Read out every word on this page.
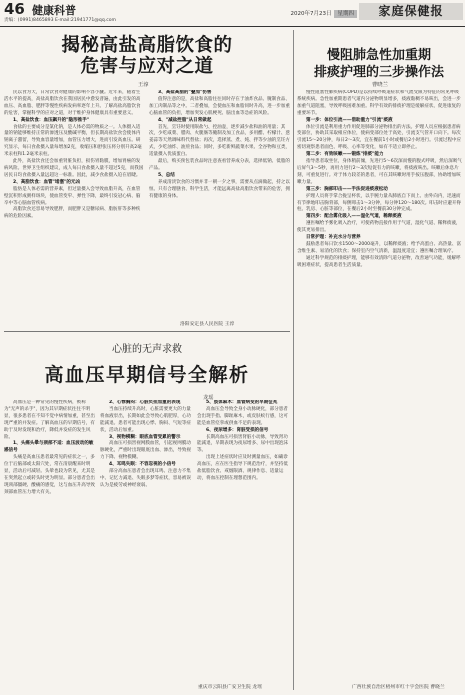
46 健康科普
责编：(0991)8465893 E-mail:21941771@qq.com
2020年7月23日 星期四	家庭保健报
揭秘高盐高脂饮食的
危害与应对之道
王淳

民以食为天，日常饮食对健康的影响不容小觑。近年来，随着生活水平的提高，高盐高脂饮食在我国居民中愈发普遍，由此引发的高血压、高血脂、肥胖等慢性疾病发病率逐年上升。了解高盐高脂饮食的危害，掌握科学的应对之道，对于维护身体健康具有重要意义。

1、高盐饮食：血压飙升的"隐形推手"

食盐的主要成分是氯化钠，是人体必需的物质之一。人体摄入适量的钠能够维持正常的渗透压及酸碱平衡，但长期高盐饮食会使体内钠离子潴留，导致血容量增加，血管压力增大，进而引发高血压。研究显示，每日食盐摄入量每增加2克，收缩压和舒张压将分别升高2毫米汞柱和1.2毫米汞柱。

此外，高盐饮食还会加重肾脏负担，损伤胃黏膜，增加胃癌的发病风险。世界卫生组织建议，成人每日食盐摄入量不超过5克，而我国居民日均食盐摄入量远超这一标准。因此，减少食盐摄入迫在眉睫。

2、高脂饮食：血管"堵塞"的元凶

脂肪是人体必需的营养素，但过量摄入会导致血脂升高，在血管壁沉积形成粥样斑块，使血管变窄、弹性下降，最终引发冠心病、脑卒中等心脑血管疾病。

高脂饮食还容易导致肥胖，而肥胖又是糖尿病、脂肪肝等多种疾病的危险因素。

3、高盐高脂的"叠加"伤害

值得注意的是，高盐和高脂往往同时存在于油炸食品、腌制食品、加工肉制品等之中。二者叠加，会使血压和血脂同时升高，进一步加重心脑血管的负担，增加突发心肌梗死、脑出血等急症的风险。

4、"减盐控脂"从日常做起

首先，烹饪时使用限盐勺、控油壶，逐步减少盐和油的用量；其次，少吃咸菜、腊肉、火腿肠等腌制及加工食品，多用醋、柠檬汁、葱姜蒜等天然调味料代替盐；再次，选择蒸、煮、炖、拌等少油的烹饪方式，少吃油炸、油煎食品；同时，多吃新鲜蔬菜水果、全谷物和豆类，适量摄入优质蛋白。

最后，购买预包装食品时注意查看营养成分表，选择低钠、低脂的产品。

5、总结

养成清淡饮食的习惯并非一朝一夕之事，需要从点滴做起，持之以恒。只有合理膳食、科学生活，才能远离高盐高脂饮食带来的危害，拥有健康的身体。

洛阳安定县人民医院 王淳
心脏的无声求救
高血压早期信号全解析
龙瑶

高血压是一种常见的慢性疾病，被称为"无声的杀手"，因为其早期症状往往不明显，很多患者在不知不觉中病情加重，甚至出现严重的并发症。了解高血压的早期信号，有助于及时发现和治疗，降低并发症的发生风险。

1、头痛头晕与颈部不适：血压波动的敏感信号

头痛是高血压患者最常见的症状之一，多位于后脑部或太阳穴处，常在清晨醒来时明显，活动后可减轻。头晕也较为常见，尤其是在突然起立或转头时更为明显。部分患者会出现颈部僵硬、酸痛的感觉，这与血压升高导致颈部血管压力增大有关。

2、心悸胸闷：心脏负担加重的表现

当血压持续升高时，心脏需要更大的力量将血液泵出，长期如此会导致心肌肥厚，心功能减退。患者可能出现心悸、胸闷、气短等症状，活动后加重。

3、视物模糊：眼底血管受累的警示

高血压可损害视网膜血管，引起视网膜动脉硬化，严重时出现眼底出血、渗出，导致视力下降、视物模糊。

4、耳鸣失眠：不容忽视的小信号

部分高血压患者会出现耳鸣、注意力不集中、记忆力减退、失眠多梦等症状，容易被误认为是疲劳或神经衰弱。

5、肢体麻木：血管病变的早期征兆

高血压会导致全身小动脉硬化，部分患者会出现手指、脚趾麻木，或皮肤蚁行感，这可能是血管痉挛或供血不足的表现。

6、夜尿增多：肾脏受损的信号

长期高血压可损害肾脏小动脉，导致肾功能减退，早期表现为夜尿增多、尿中出现泡沫等。

出现上述症状时应及时测量血压，如确诊高血压，应在医生指导下规范治疗，并坚持低盐低脂饮食、戒烟限酒、规律作息、适量运动，将血压控制在理想范围内。

重庆市云阳县广安卫生院 龙瑶
慢阻肺急性加重期
排痰护理的三步操作法
曹晓兰

慢性阻塞性肺疾病(COPD)是以持续呼吸道症状和气流受限为特征的常见呼吸系统疾病。急性加重期患者气道内分泌物明显增多，痰液黏稠不易咳出，会进一步加重气道阻塞，导致呼吸困难加重。科学有效的排痰护理是缓解症状、促进康复的重要环节。

第一步：体位引流——借助重力"引流"痰液

体位引流是利用重力作用促进肺部分泌物排出的方法。护理人员应根据患者病变部位，协助其采取相应体位，使病变部位处于高处，引流支气管开口向下。每次引流15～20分钟，每日2～3次，宜在餐前1小时或餐后2小时进行。引流过程中应密切观察患者面色、呼吸、心率等变化，如有不适立即停止。

第二步：有效咳嗽——锻炼"排痰"能力

指导患者取坐位，身体稍前倾，先进行5～6次深而慢的腹式呼吸，然后深吸气后屏气3～5秒，再用力进行2～3次短促有力的咳嗽，将痰液咳出。咳嗽后休息片刻，可重复进行。对于体力较差的患者，可在其咳嗽时用手按压腹部，协助增加咳嗽力量。

第三步：胸部叩击——手法促进痰液松动

护理人员将手掌合拢呈杯状，以手腕力量从肺底自下而上、由外向内，迅速而有节律地叩击胸背部，每侧叩击1～3分钟，每分钟120～180次。叩击时应避开脊柱、乳房、心脏等部位，在餐后2小时至餐前30分钟完成。

第四步：配合雾化吸入——湿化气道，稀释痰液

遵医嘱给予雾化吸入治疗，可使药物直接作用于气道，湿化气道、稀释痰液，使其更易排出。

日常护理：补充水分与营养

鼓励患者每日饮水1500～2000毫升，以稀释痰液；给予高蛋白、高热量、富含维生素、易消化的饮食；保持室内空气清新，温湿度适宜；遵医嘱合理氧疗。

通过科学规范的排痰护理，能够有效清除气道分泌物，改善通气功能，缓解呼吸困难症状，提高患者生活质量。

广西壮族自治区梧州市红十字会医院 曹晓兰
